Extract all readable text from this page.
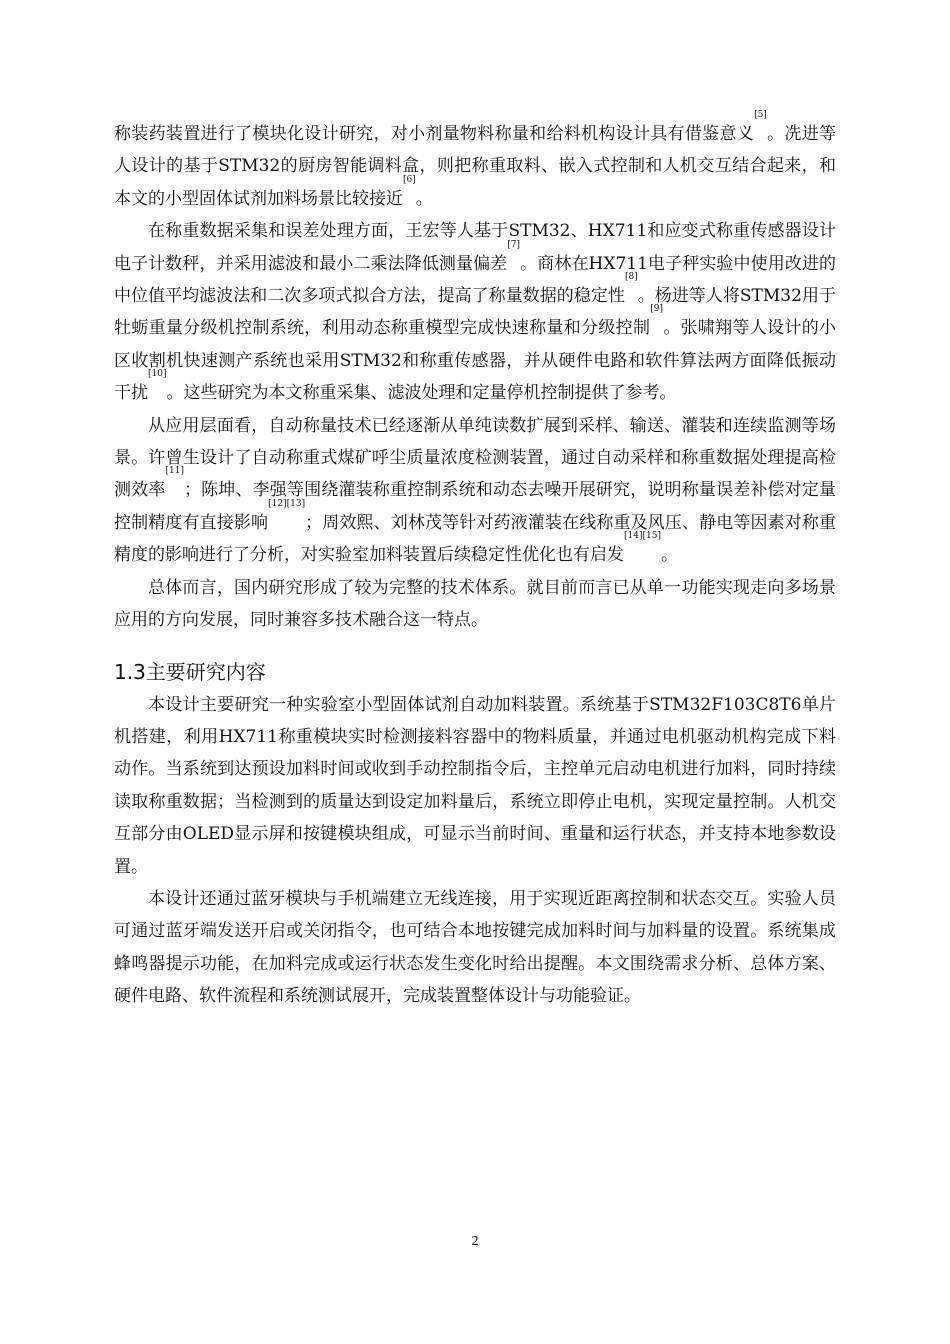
称装药装置进行了模块化设计研究，对小剂量物料称量和给料机构设计具有借鉴意义[5]。冼进等人设计的基于STM32的厨房智能调料盒，则把称重取料、嵌入式控制和人机交互结合起来，和本文的小型固体试剂加料场景比较接近[6]。

在称重数据采集和误差处理方面，王宏等人基于STM32、HX711和应变式称重传感器设计电子计数秤，并采用滤波和最小二乘法降低测量偏差[7]。商林在HX711电子秤实验中使用改进的中位值平均滤波法和二次多项式拟合方法，提高了称量数据的稳定性[8]。杨进等人将STM32用于牡蛎重量分级机控制系统，利用动态称重模型完成快速称量和分级控制[9]。张啸翔等人设计的小区收割机快速测产系统也采用STM32和称重传感器，并从硬件电路和软件算法两方面降低振动干扰[10]。这些研究为本文称重采集、滤波处理和定量停机控制提供了参考。

从应用层面看，自动称量技术已经逐渐从单纯读数扩展到采样、输送、灌装和连续监测等场景。许曾生设计了自动称重式煤矿呼尘质量浓度检测装置，通过自动采样和称重数据处理提高检测效率[11]；陈坤、李强等围绕灌装称重控制系统和动态去噪开展研究，说明称量误差补偿对定量控制精度有直接影响[12][13]；周效熙、刘林茂等针对药液灌装在线称重及风压、静电等因素对称重精度的影响进行了分析，对实验室加料装置后续稳定性优化也有启发[14][15]。

总体而言，国内研究形成了较为完整的技术体系。就目前而言已从单一功能实现走向多场景应用的方向发展，同时兼容多技术融合这一特点。

1.3主要研究内容

本设计主要研究一种实验室小型固体试剂自动加料装置。系统基于STM32F103C8T6单片机搭建，利用HX711称重模块实时检测接料容器中的物料质量，并通过电机驱动机构完成下料动作。当系统到达预设加料时间或收到手动控制指令后，主控单元启动电机进行加料，同时持续读取称重数据；当检测到的质量达到设定加料量后，系统立即停止电机，实现定量控制。人机交互部分由OLED显示屏和按键模块组成，可显示当前时间、重量和运行状态，并支持本地参数设置。

本设计还通过蓝牙模块与手机端建立无线连接，用于实现近距离控制和状态交互。实验人员可通过蓝牙端发送开启或关闭指令，也可结合本地按键完成加料时间与加料量的设置。系统集成蜂鸣器提示功能，在加料完成或运行状态发生变化时给出提醒。本文围绕需求分析、总体方案、硬件电路、软件流程和系统测试展开，完成装置整体设计与功能验证。

2
